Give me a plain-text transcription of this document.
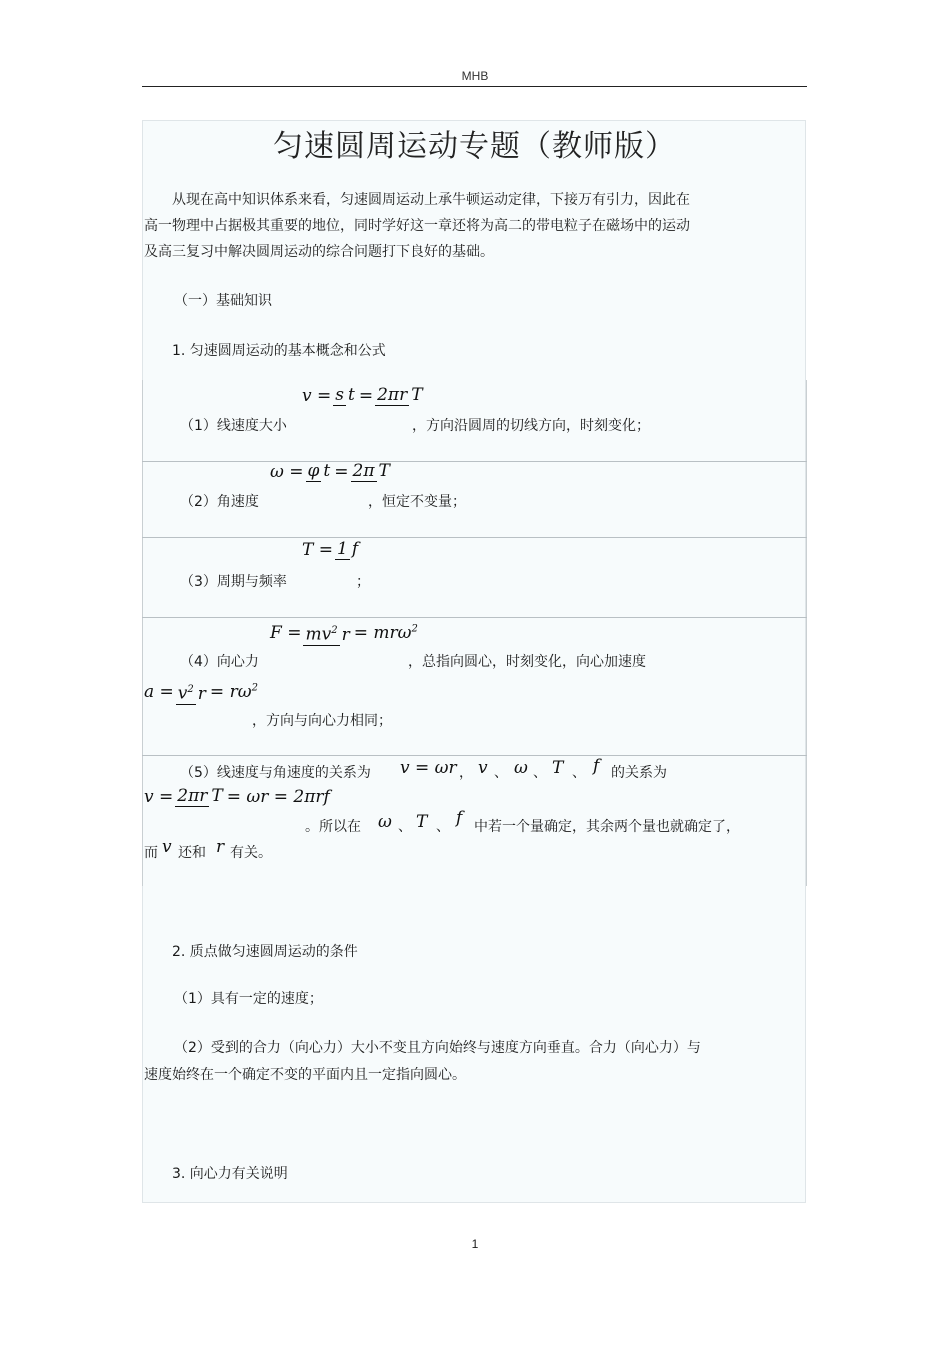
MHB
匀速圆周运动专题（教师版）
从现在高中知识体系来看，匀速圆周运动上承牛顿运动定律，下接万有引力，因此在
高一物理中占据极其重要的地位，同时学好这一章还将为高二的带电粒子在磁场中的运动
及高三复习中解决圆周运动的综合问题打下良好的基础。
（一）基础知识
1. 匀速圆周运动的基本概念和公式
（1）线速度大小
v = s t = 2πr T
，方向沿圆周的切线方向，时刻变化；
（2）角速度
ω = φ t = 2π T
，恒定不变量；
（3）周期与频率
T = 1 f
；
（4）向心力
$F = mv^2$ r = mrω$^2$
，总指向圆心，时刻变化，向心加速度
$a = v^2$ $r = r\omega^2$
，方向与向心力相同；
（5）线速度与角速度的关系为 v = ωr ， v 、 ω 、 T 、 f 的关系为
v = 2πr T = ωr = 2πrf
。所以在 ω 、 T 、 f 中若一个量确定，其余两个量也就确定了，
而 v 还和 r 有关。
2. 质点做匀速圆周运动的条件
（1）具有一定的速度；
（2）受到的合力（向心力）大小不变且方向始终与速度方向垂直。合力（向心力）与
速度始终在一个确定不变的平面内且一定指向圆心。
3. 向心力有关说明
1
